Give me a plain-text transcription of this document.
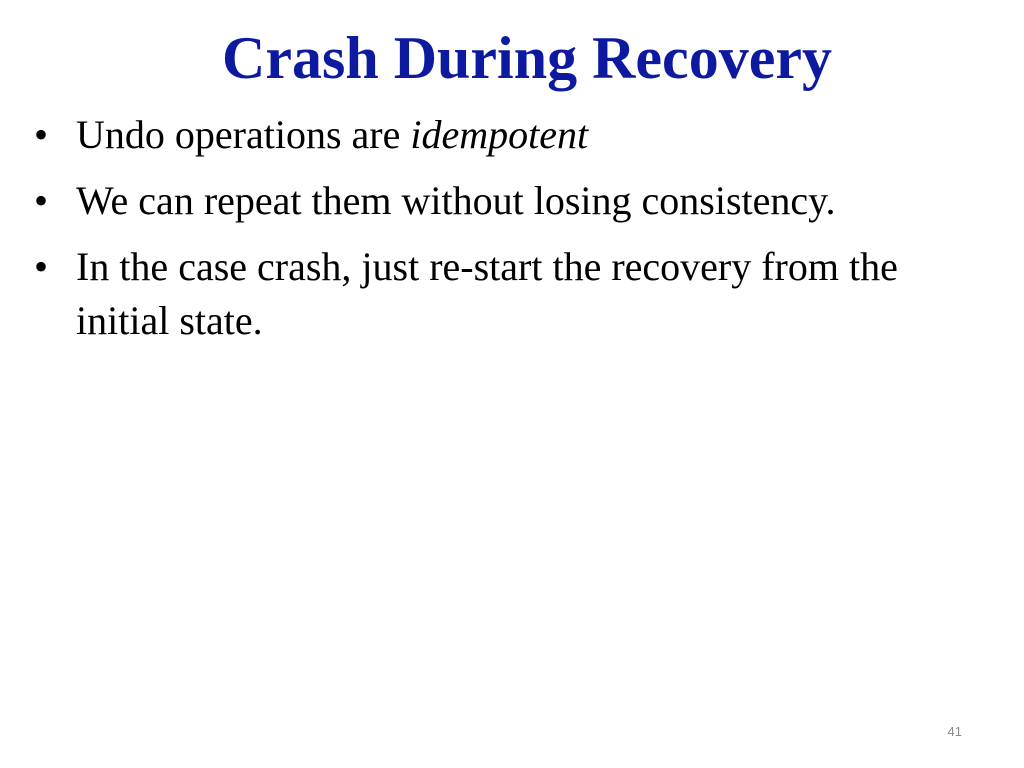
Crash During Recovery
• Undo operations are idempotent
• We can repeat them without losing consistency.
• In the case crash, just re-start the recovery from the initial state.
41
